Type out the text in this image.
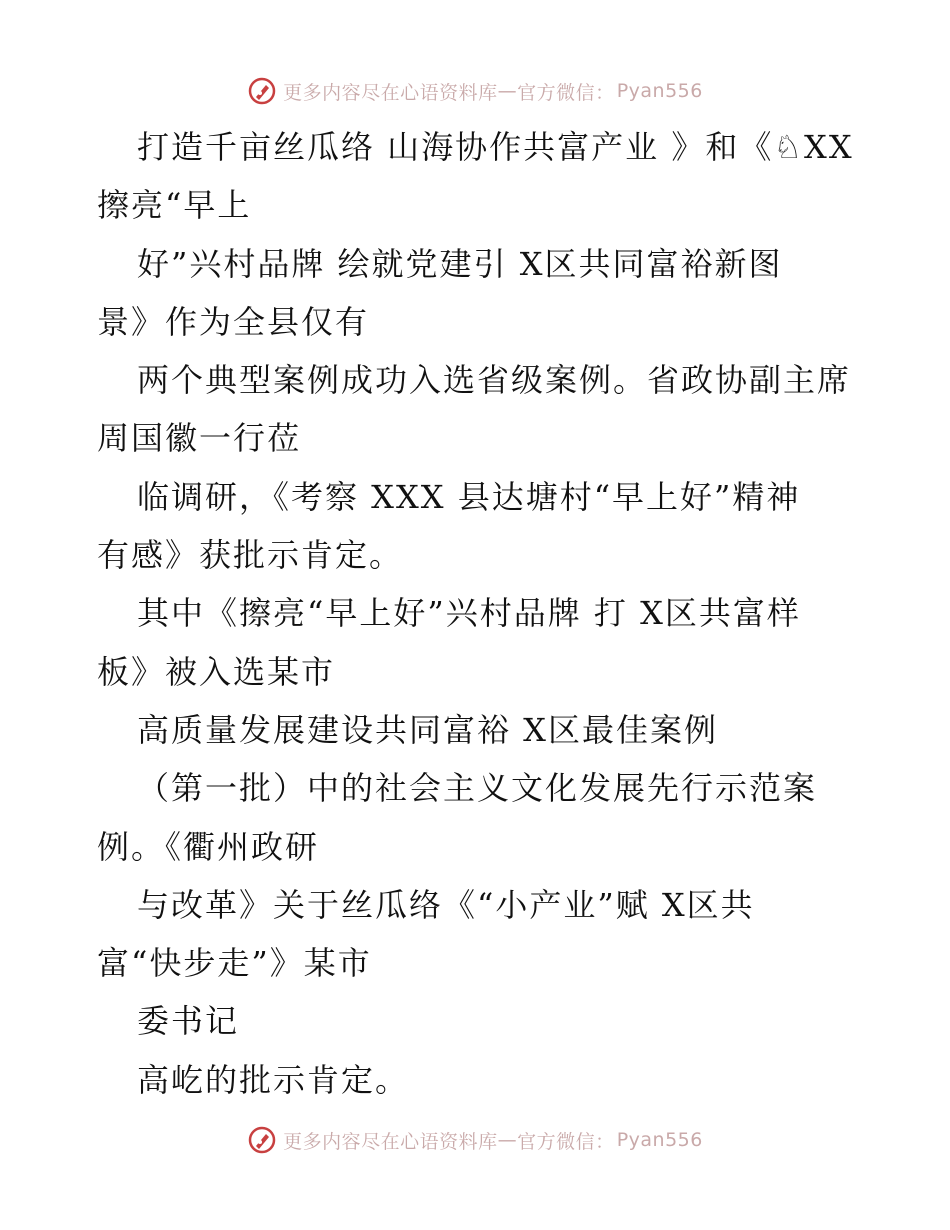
更多内容尽在心语资料库 — 官方微信： Pyan556
打造千亩丝瓜络 山海协作共富产业 》和《♘XX
擦亮“早上
好”兴村品牌 绘就党建引 X区共同富裕新图
景》作为全县仅有
两个典型案例成功入选省级案例。省政协副主席
周国徽一行莅
临调研，《考察 XXX 县达塘村“早上好”精神
有感》获批示肯定。
其中《擦亮“早上好”兴村品牌 打 X区共富样
板》被入选某市
高质量发展建设共同富裕 X区最佳案例
（第一批）中的社会主义文化发展先行示范案
例。《衢州政研
与改革》关于丝瓜络《“小产业”赋 X区共
富“快步走”》某市
委书记
高屹的批示肯定。
更多内容尽在心语资料库 — 官方微信： Pyan556
